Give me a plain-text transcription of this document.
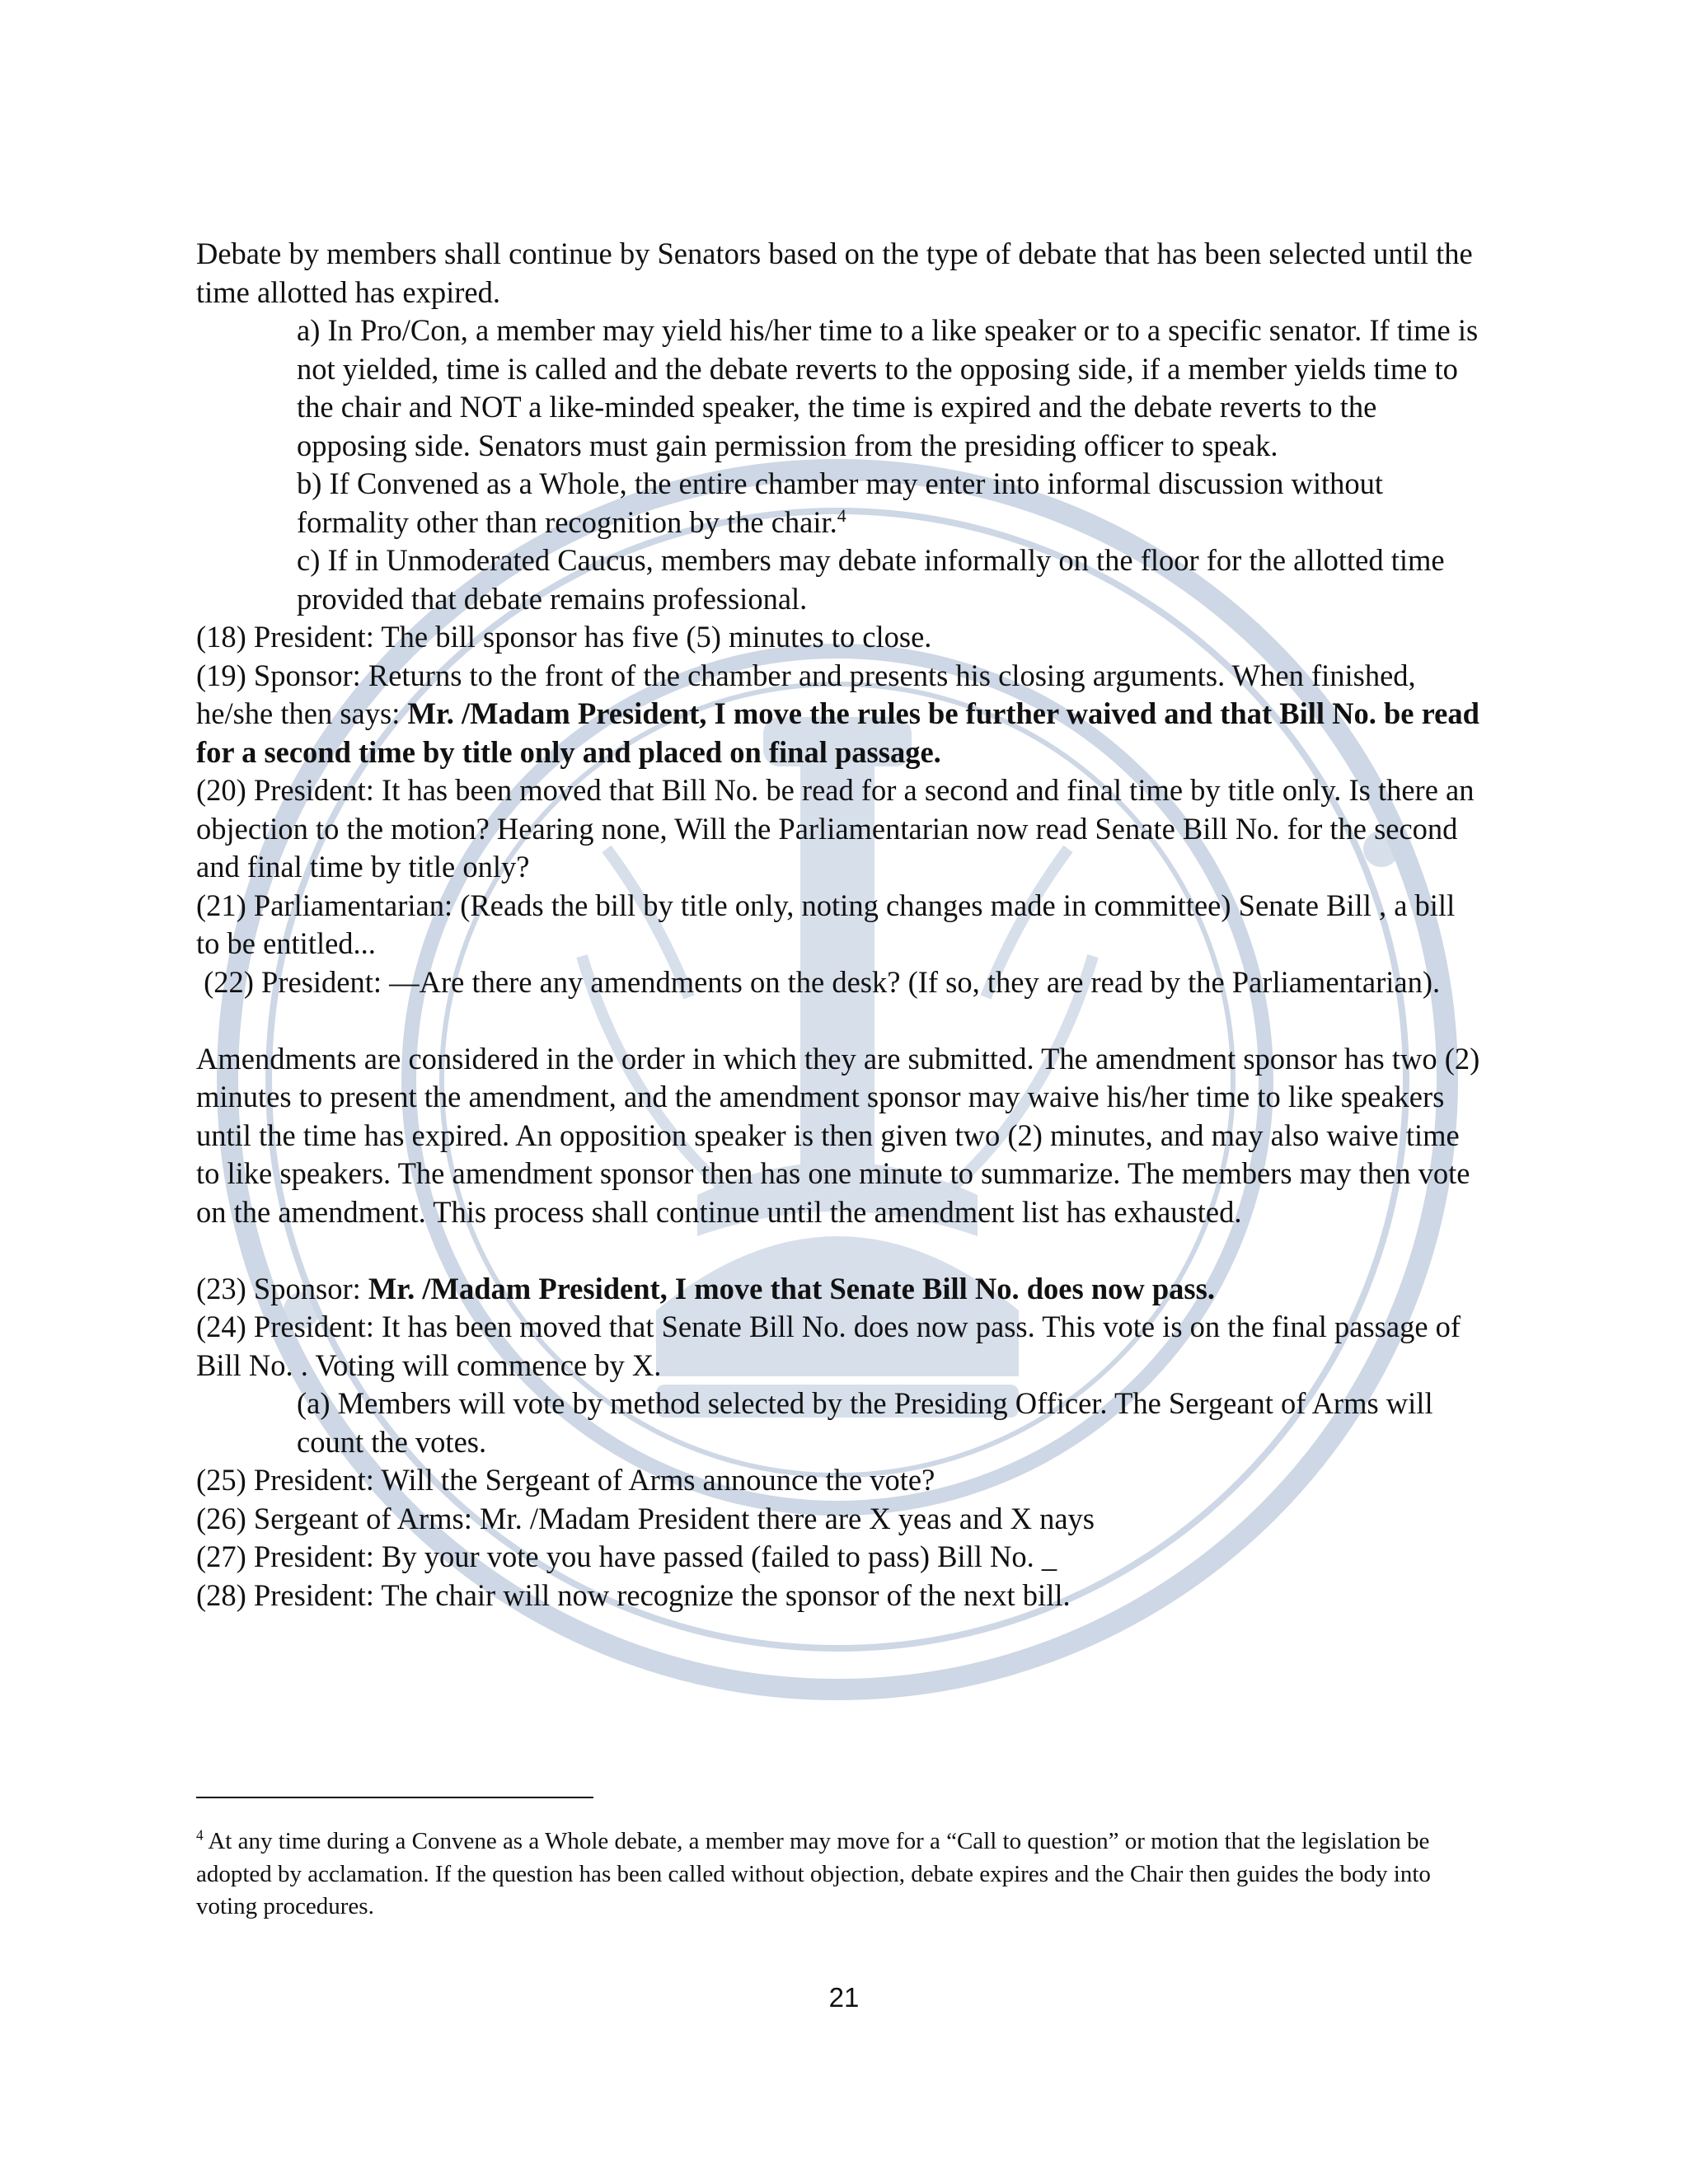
Debate by members shall continue by Senators based on the type of debate that has been selected until the time allotted has expired.

a) In Pro/Con, a member may yield his/her time to a like speaker or to a specific senator. If time is not yielded, time is called and the debate reverts to the opposing side, if a member yields time to the chair and NOT a like-minded speaker, the time is expired and the debate reverts to the opposing side. Senators must gain permission from the presiding officer to speak.

b) If Convened as a Whole, the entire chamber may enter into informal discussion without formality other than recognition by the chair.$^4$

c) If in Unmoderated Caucus, members may debate informally on the floor for the allotted time provided that debate remains professional.

(18) President: The bill sponsor has five (5) minutes to close.

(19) Sponsor: Returns to the front of the chamber and presents his closing arguments. When finished, he/she then says: Mr. /Madam President, I move the rules be further waived and that Bill No. be read for a second time by title only and placed on final passage.

(20) President: It has been moved that Bill No. be read for a second and final time by title only. Is there an objection to the motion? Hearing none, Will the Parliamentarian now read Senate Bill No. for the second and final time by title only?

(21) Parliamentarian: (Reads the bill by title only, noting changes made in committee) Senate Bill , a bill to be entitled...

(22) President: ―Are there any amendments on the desk? (If so, they are read by the Parliamentarian).

Amendments are considered in the order in which they are submitted. The amendment sponsor has two (2) minutes to present the amendment, and the amendment sponsor may waive his/her time to like speakers until the time has expired. An opposition speaker is then given two (2) minutes, and may also waive time to like speakers. The amendment sponsor then has one minute to summarize. The members may then vote on the amendment. This process shall continue until the amendment list has exhausted.

(23) Sponsor: Mr. /Madam President, I move that Senate Bill No. does now pass.

(24) President: It has been moved that Senate Bill No. does now pass. This vote is on the final passage of Bill No. . Voting will commence by X.

(a) Members will vote by method selected by the Presiding Officer. The Sergeant of Arms will count the votes.

(25) President: Will the Sergeant of Arms announce the vote?

(26) Sergeant of Arms: Mr. /Madam President there are X yeas and X nays

(27) President: By your vote you have passed (failed to pass) Bill No. _

(28) President: The chair will now recognize the sponsor of the next bill.

$^4$ At any time during a Convene as a Whole debate, a member may move for a “Call to question” or motion that the legislation be adopted by acclamation. If the question has been called without objection, debate expires and the Chair then guides the body into voting procedures.
21
